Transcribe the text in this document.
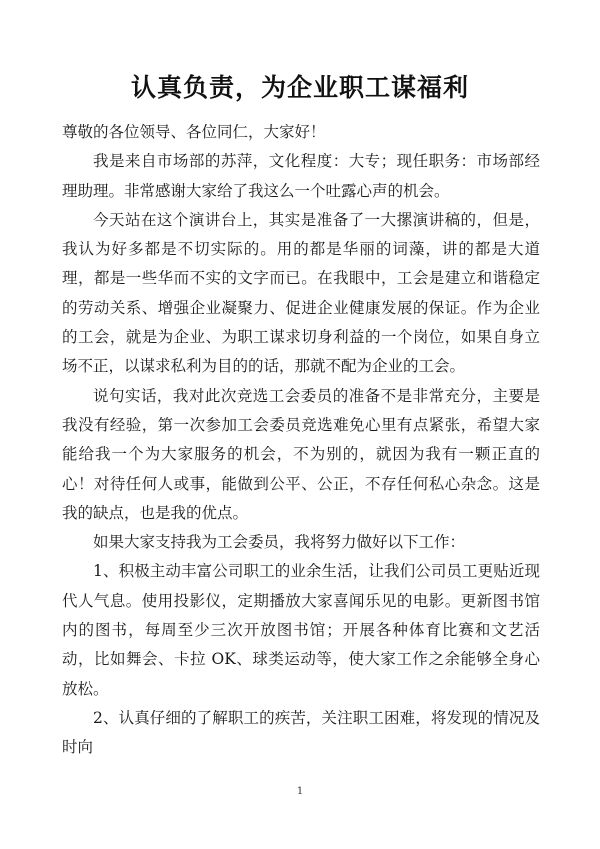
认真负责，为企业职工谋福利

尊敬的各位领导、各位同仁，大家好！

我是来自市场部的苏萍，文化程度：大专；现任职务：市场部经理助理。非常感谢大家给了我这么一个吐露心声的机会。

今天站在这个演讲台上，其实是准备了一大摞演讲稿的，但是，我认为好多都是不切实际的。用的都是华丽的词藻，讲的都是大道理，都是一些华而不实的文字而已。在我眼中，工会是建立和谐稳定的劳动关系、增强企业凝聚力、促进企业健康发展的保证。作为企业的工会，就是为企业、为职工谋求切身利益的一个岗位，如果自身立场不正，以谋求私利为目的的话，那就不配为企业的工会。

说句实话，我对此次竞选工会委员的准备不是非常充分，主要是我没有经验，第一次参加工会委员竞选难免心里有点紧张，希望大家能给我一个为大家服务的机会，不为别的，就因为我有一颗正直的心！对待任何人或事，能做到公平、公正，不存任何私心杂念。这是我的缺点，也是我的优点。

如果大家支持我为工会委员，我将努力做好以下工作：

1、积极主动丰富公司职工的业余生活，让我们公司员工更贴近现代人气息。使用投影仪，定期播放大家喜闻乐见的电影。更新图书馆内的图书，每周至少三次开放图书馆；开展各种体育比赛和文艺活动，比如舞会、卡拉 OK、球类运动等，使大家工作之余能够全身心放松。

2、认真仔细的了解职工的疾苦，关注职工困难，将发现的情况及时向

1
